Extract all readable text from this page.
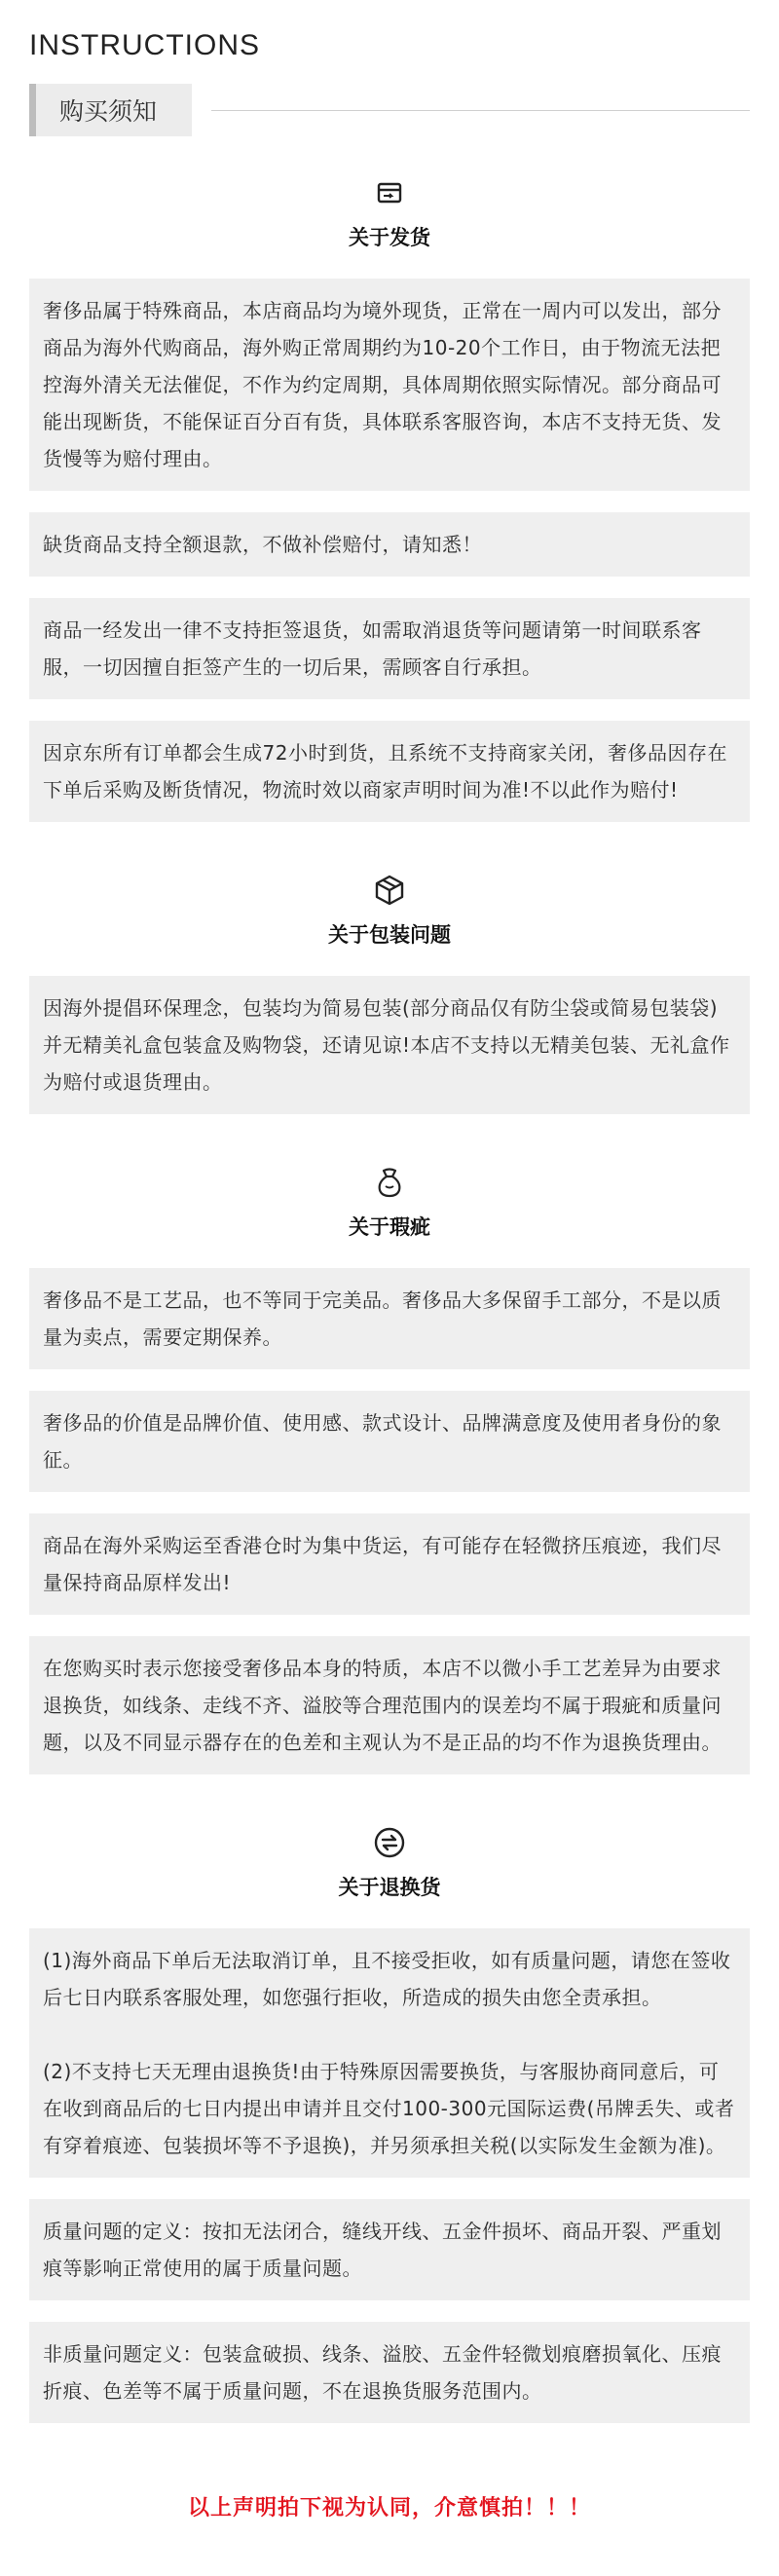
INSTRUCTIONS
购买须知
关于发货

奢侈品属于特殊商品，本店商品均为境外现货，正常在一周内可以发出，部分商品为海外代购商品，海外购正常周期约为10-20个工作日，由于物流无法把控海外清关无法催促，不作为约定周期，具体周期依照实际情况。部分商品可能出现断货，不能保证百分百有货，具体联系客服咨询，本店不支持无货、发货慢等为赔付理由。

缺货商品支持全额退款，不做补偿赔付，请知悉！

商品一经发出一律不支持拒签退货，如需取消退货等问题请第一时间联系客服，一切因擅自拒签产生的一切后果，需顾客自行承担。

因京东所有订单都会生成72小时到货，且系统不支持商家关闭，奢侈品因存在下单后采购及断货情况，物流时效以商家声明时间为准!不以此作为赔付!

关于包装问题

因海外提倡环保理念，包装均为简易包装(部分商品仅有防尘袋或简易包装袋)并无精美礼盒包装盒及购物袋，还请见谅!本店不支持以无精美包装、无礼盒作为赔付或退货理由。

关于瑕疵

奢侈品不是工艺品，也不等同于完美品。奢侈品大多保留手工部分，不是以质量为卖点，需要定期保养。

奢侈品的价值是品牌价值、使用感、款式设计、品牌满意度及使用者身份的象征。

商品在海外采购运至香港仓时为集中货运，有可能存在轻微挤压痕迹，我们尽量保持商品原样发出!

在您购买时表示您接受奢侈品本身的特质，本店不以微小手工艺差异为由要求退换货，如线条、走线不齐、溢胶等合理范围内的误差均不属于瑕疵和质量问题，以及不同显示器存在的色差和主观认为不是正品的均不作为退换货理由。

关于退换货

(1)海外商品下单后无法取消订单，且不接受拒收，如有质量问题，请您在签收后七日内联系客服处理，如您强行拒收，所造成的损失由您全责承担。

(2)不支持七天无理由退换货!由于特殊原因需要换货，与客服协商同意后，可在收到商品后的七日内提出申请并且交付100-300元国际运费(吊牌丢失、或者有穿着痕迹、包装损坏等不予退换)，并另须承担关税(以实际发生金额为准)。

质量问题的定义：按扣无法闭合，缝线开线、五金件损坏、商品开裂、严重划痕等影响正常使用的属于质量问题。

非质量问题定义：包装盒破损、线条、溢胶、五金件轻微划痕磨损氧化、压痕折痕、色差等不属于质量问题，不在退换货服务范围内。

以上声明拍下视为认同，介意慎拍！！！
